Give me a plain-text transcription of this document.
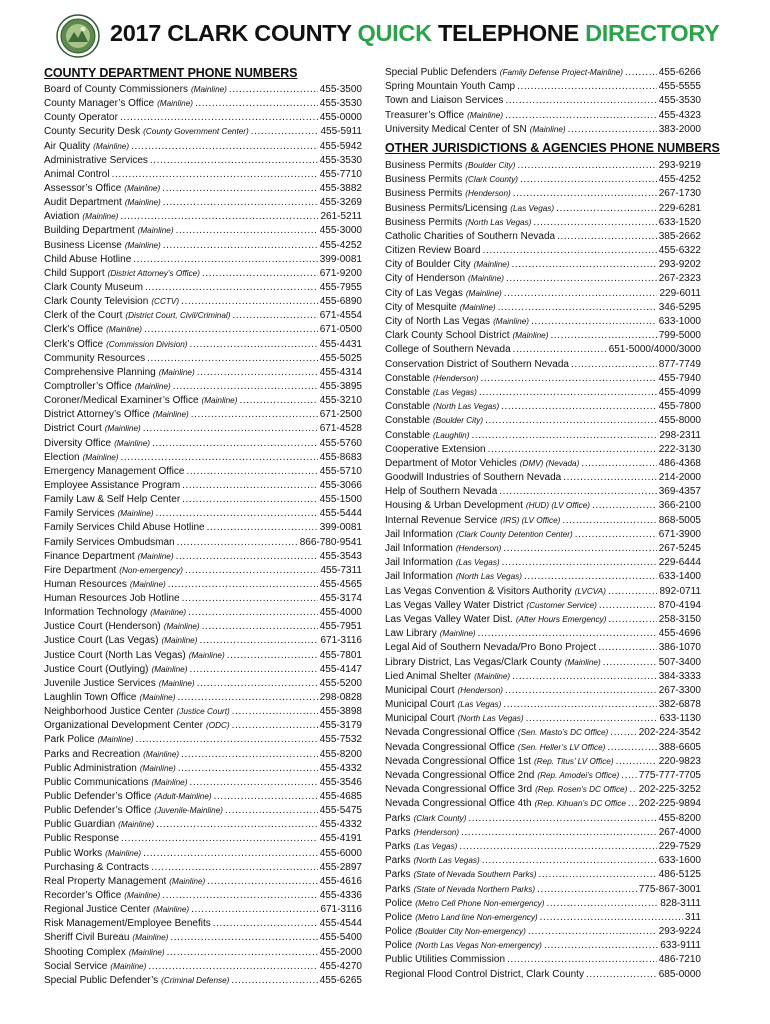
2017 CLARK COUNTY QUICK TELEPHONE DIRECTORY
COUNTY DEPARTMENT PHONE NUMBERS
Board of County Commissioners (Mainline) .....	455-3500
County Manager’s Office (Mainline) .....	455-3530
County Operator .....	455-0000
County Security Desk (County Government Center) .....	455-5911
Air Quality (Mainline) .....	455-5942
Administrative Services .....	455-3530
Animal Control .....	455-7710
Assessor’s Office (Mainline) .....	455-3882
Audit Department (Mainline) .....	455-3269
Aviation (Mainline) .....	261-5211
Building Department (Mainline) .....	455-3000
Business License (Mainline) .....	455-4252
Child Abuse Hotline .....	399-0081
Child Support (District Attorney’s Office) .....	671-9200
Clark County Museum .....	455-7955
Clark County Television (CCTV) .....	455-6890
Clerk of the Court (District Court, Civil/Criminal) .....	671-4554
Clerk’s Office (Mainline) .....	671-0500
Clerk’s Office (Commission Division) .....	455-4431
Community Resources .....	455-5025
Comprehensive Planning (Mainline) .....	455-4314
Comptroller’s Office (Mainline) .....	455-3895
Coroner/Medical Examiner’s Office (Mainline) .....	455-3210
District Attorney’s Office (Mainline) .....	671-2500
District Court (Mainline) .....	671-4528
Diversity Office (Mainline) .....	455-5760
Election (Mainline) .....	455-8683
Emergency Management Office .....	455-5710
Employee Assistance Program .....	455-3066
Family Law & Self Help Center .....	455-1500
Family Services (Mainline) .....	455-5444
Family Services Child Abuse Hotline .....	399-0081
Family Services Ombudsman .....	866-780-9541
Finance Department (Mainline) .....	455-3543
Fire Department (Non-emergency) .....	455-7311
Human Resources (Mainline) .....	455-4565
Human Resources Job Hotline .....	455-3174
Information Technology (Mainline) .....	455-4000
Justice Court (Henderson) (Mainline) .....	455-7951
Justice Court (Las Vegas) (Mainline) .....	671-3116
Justice Court (North Las Vegas) (Mainline) .....	455-7801
Justice Court (Outlying) (Mainline) .....	455-4147
Juvenile Justice Services (Mainline) .....	455-5200
Laughlin Town Office (Mainline) .....	298-0828
Neighborhood Justice Center (Justice Court) .....	455-3898
Organizational Development Center (ODC) .....	455-3179
Park Police (Mainline) .....	455-7532
Parks and Recreation (Mainline) .....	455-8200
Public Administration (Mainline) .....	455-4332
Public Communications (Mainline) .....	455-3546
Public Defender’s Office (Adult-Mainline) .....	455-4685
Public Defender’s Office (Juvenile-Mainline) .....	455-5475
Public Guardian (Mainline) .....	455-4332
Public Response .....	455-4191
Public Works (Mainline) .....	455-6000
Purchasing & Contracts .....	455-2897
Real Property Management (Mainline) .....	455-4616
Recorder’s Office (Mainline) .....	455-4336
Regional Justice Center (Mainline) .....	671-3116
Risk Management/Employee Benefits .....	455-4544
Sheriff Civil Bureau (Mainline) .....	455-5400
Shooting Complex (Mainline) .....	455-2000
Social Service (Mainline) .....	455-4270
Special Public Defender’s (Criminal Defense) .....	455-6265
Special Public Defenders (Family Defense Project-Mainline) .....	455-6266
Spring Mountain Youth Camp .....	455-5555
Town and Liaison Services .....	455-3530
Treasurer’s Office (Mainline) .....	455-4323
University Medical Center of SN (Mainline) .....	383-2000
OTHER JURISDICTIONS & AGENCIES PHONE NUMBERS
Business Permits (Boulder City) .....	293-9219
Business Permits (Clark County) .....	455-4252
Business Permits (Henderson) .....	267-1730
Business Permits/Licensing (Las Vegas) .....	229-6281
Business Permits (North Las Vegas) .....	633-1520
Catholic Charities of Southern Nevada .....	385-2662
Citizen Review Board .....	455-6322
City of Boulder City (Mainline) .....	293-9202
City of Henderson (Mainline) .....	267-2323
City of Las Vegas (Mainline) .....	229-6011
City of Mesquite (Mainline) .....	346-5295
City of North Las Vegas (Mainline) .....	633-1000
Clark County School District (Mainline) .....	799-5000
College of Southern Nevada .....	651-5000/4000/3000
Conservation District of Southern Nevada .....	877-7749
Constable (Henderson) .....	455-7940
Constable (Las Vegas) .....	455-4099
Constable (North Las Vegas) .....	455-7800
Constable (Boulder City) .....	455-8000
Constable (Laughlin) .....	298-2311
Cooperative Extension .....	222-3130
Department of Motor Vehicles (DMV) (Nevada) .....	486-4368
Goodwill Industries of Southern Nevada .....	214-2000
Help of Southern Nevada .....	369-4357
Housing & Urban Development (HUD) (LV Office) .....	366-2100
Internal Revenue Service (IRS) (LV Office) .....	868-5005
Jail Information (Clark County Detention Center) .....	671-3900
Jail Information (Henderson) .....	267-5245
Jail Information (Las Vegas) .....	229-6444
Jail Information (North Las Vegas) .....	633-1400
Las Vegas Convention & Visitors Authority (LVCVA) .....	892-0711
Las Vegas Valley Water District (Customer Service) .....	870-4194
Las Vegas Valley Water Dist. (After Hours Emergency) .....	258-3150
Law Library (Mainline) .....	455-4696
Legal Aid of Southern Nevada/Pro Bono Project .....	386-1070
Library District, Las Vegas/Clark County (Mainline) .....	507-3400
Lied Animal Shelter (Mainline) .....	384-3333
Municipal Court (Henderson) .....	267-3300
Municipal Court (Las Vegas) .....	382-6878
Municipal Court (North Las Vegas) .....	633-1130
Nevada Congressional Office (Sen. Masto’s DC Office) .....	202-224-3542
Nevada Congressional Office (Sen. Heller’s LV Office) .....	388-6605
Nevada Congressional Office 1st (Rep. Titus’ LV Office) .....	220-9823
Nevada Congressional Office 2nd (Rep. Amodei’s Office) ..... 775-777-7705
Nevada Congressional Office 3rd (Rep. Rosen’s DC Office) ..... 202-225-3252
Nevada Congressional Office 4th (Rep. Kihuan’s DC Office ..... 202-225-9894
Parks (Clark County) .....	455-8200
Parks (Henderson) .....	267-4000
Parks (Las Vegas) .....	229-7529
Parks (North Las Vegas) .....	633-1600
Parks (State of Nevada Southern Parks) .....	486-5125
Parks (State of Nevada Northern Parks) .....	775-867-3001
Police (Metro Cell Phone Non-emergency) .....	828-3111
Police (Metro Land line Non-emergency) .....	311
Police (Boulder City Non-emergency) .....	293-9224
Police (North Las Vegas Non-emergency) .....	633-9111
Public Utilities Commission .....	486-7210
Regional Flood Control District, Clark County .....	685-0000
